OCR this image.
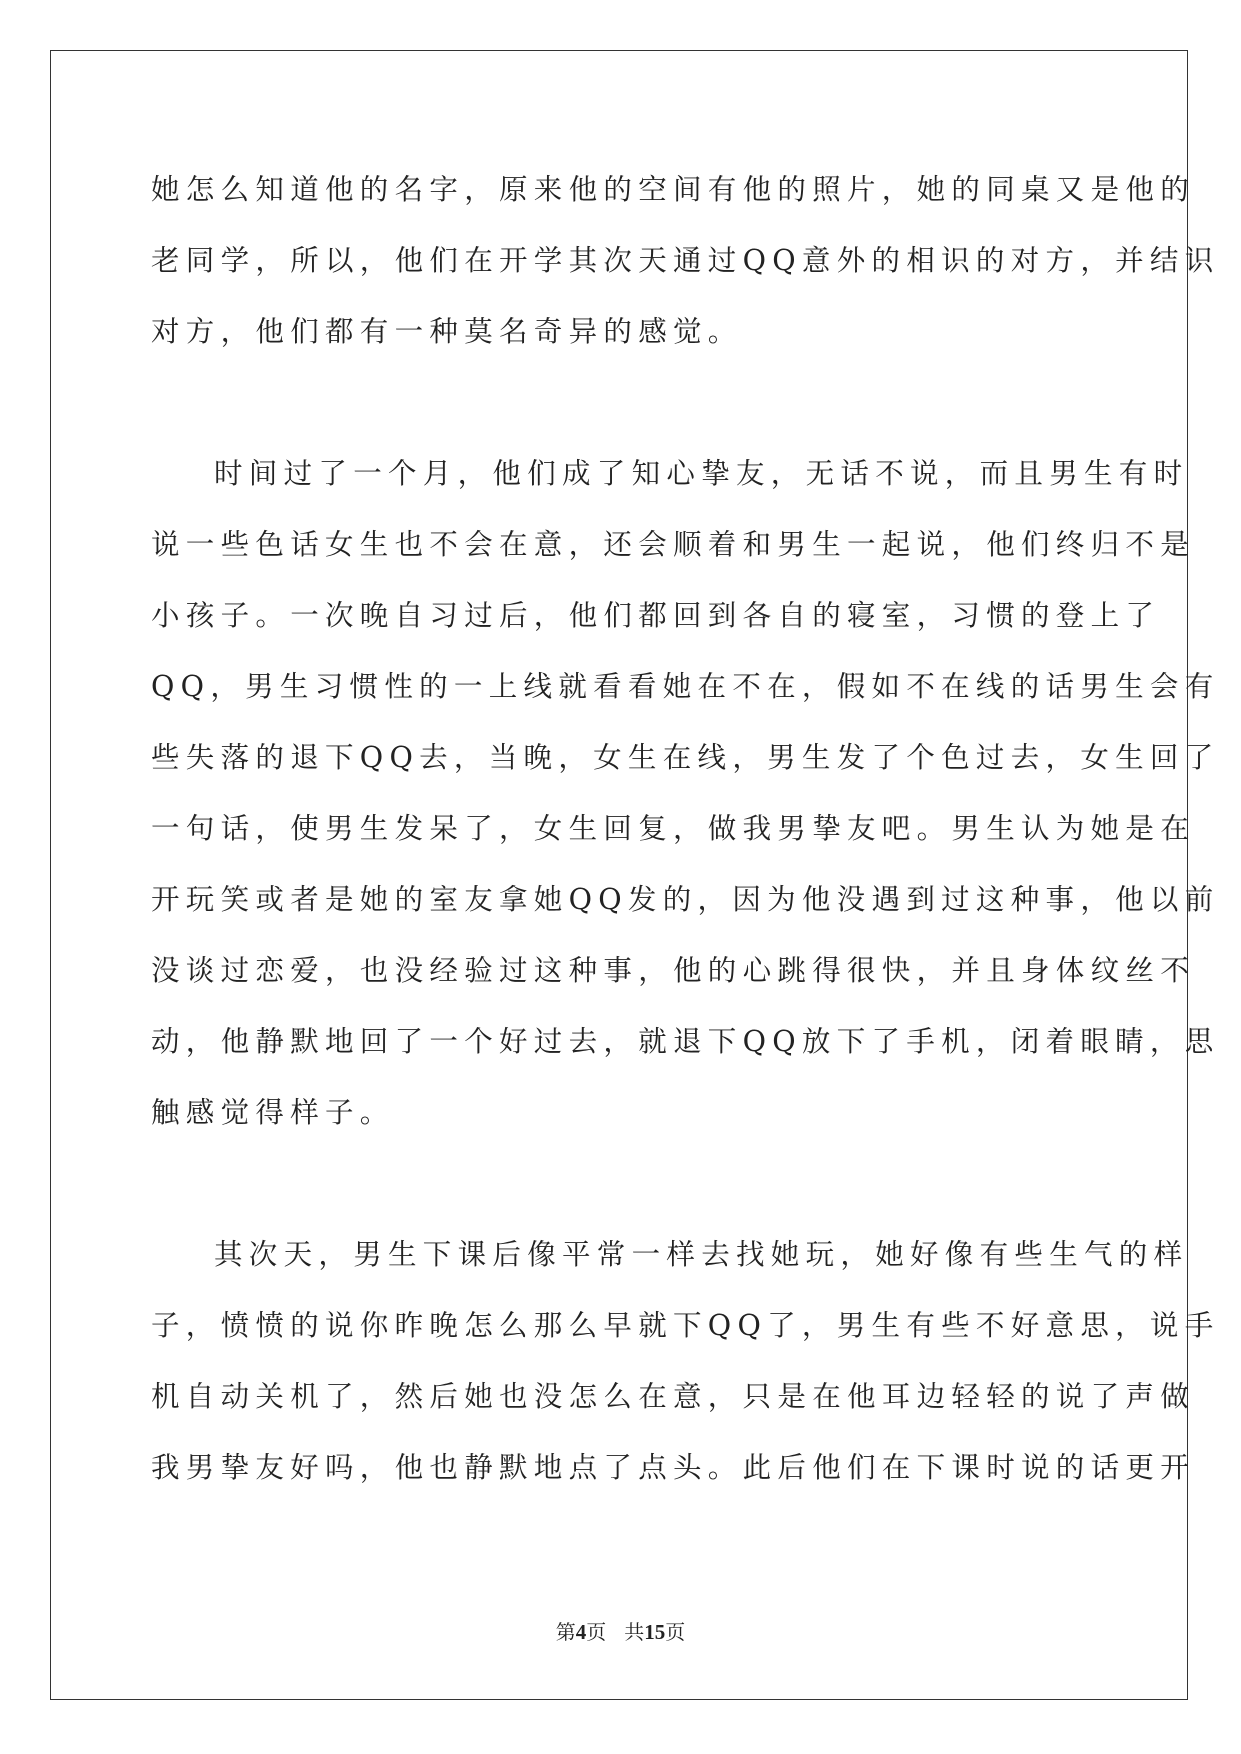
她怎么知道他的名字，原来他的空间有他的照片，她的同桌又是他的
老同学，所以，他们在开学其次天通过QQ意外的相识的对方，并结识
对方，他们都有一种莫名奇异的感觉。
时间过了一个月，他们成了知心挚友，无话不说，而且男生有时
说一些色话女生也不会在意，还会顺着和男生一起说，他们终归不是
小孩子。一次晚自习过后，他们都回到各自的寝室，习惯的登上了
QQ，男生习惯性的一上线就看看她在不在，假如不在线的话男生会有
些失落的退下QQ去，当晚，女生在线，男生发了个色过去，女生回了
一句话，使男生发呆了，女生回复，做我男挚友吧。男生认为她是在
开玩笑或者是她的室友拿她QQ发的，因为他没遇到过这种事，他以前
没谈过恋爱，也没经验过这种事，他的心跳得很快，并且身体纹丝不
动，他静默地回了一个好过去，就退下QQ放下了手机，闭着眼睛，思
触感觉得样子。
其次天，男生下课后像平常一样去找她玩，她好像有些生气的样
子，愤愤的说你昨晚怎么那么早就下QQ了，男生有些不好意思，说手
机自动关机了，然后她也没怎么在意，只是在他耳边轻轻的说了声做
我男挚友好吗，他也静默地点了点头。此后他们在下课时说的话更开
第4页 共15页
